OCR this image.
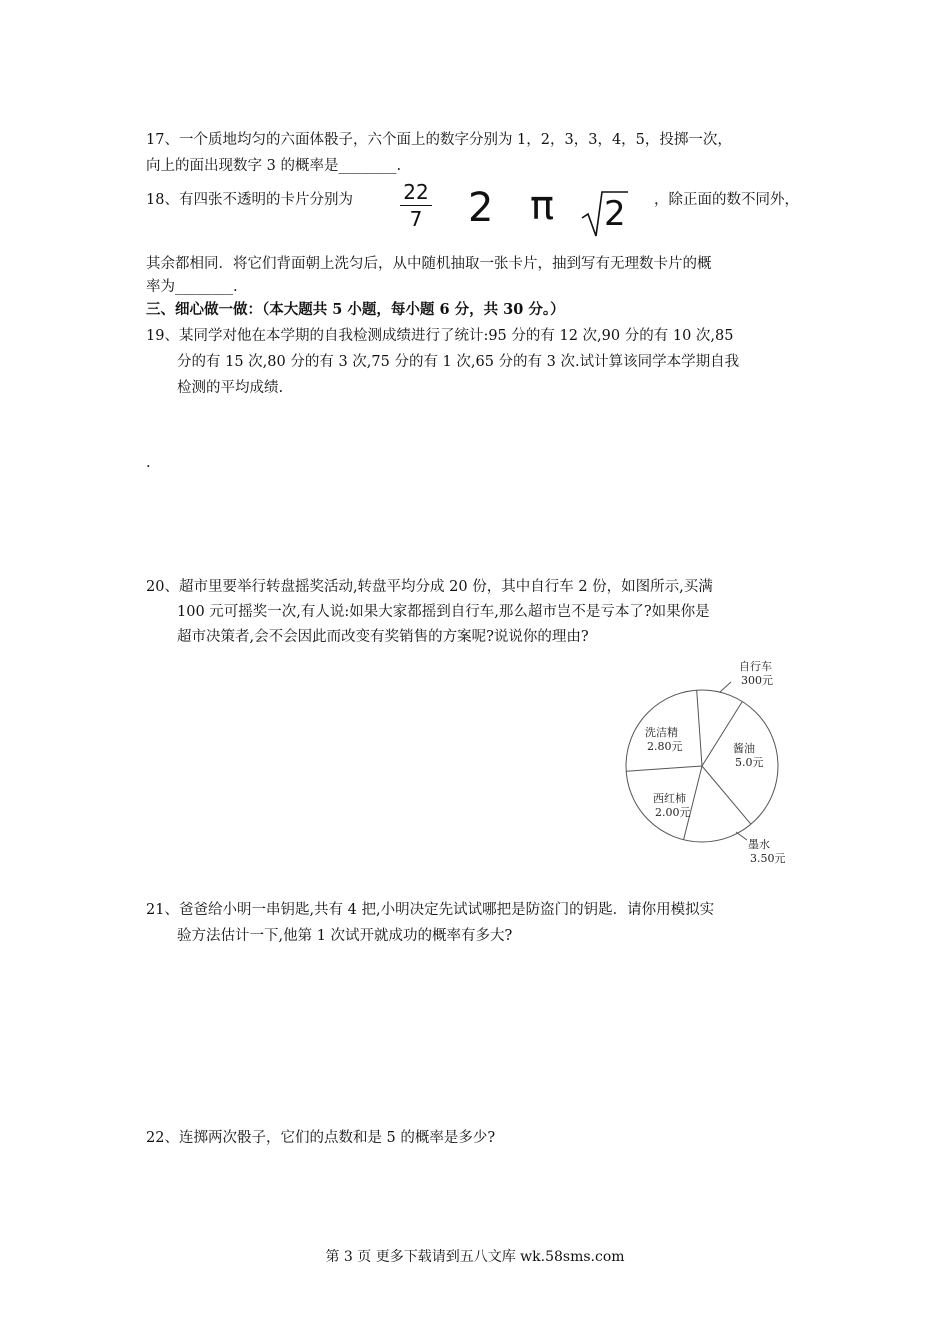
17、一个质地均匀的六面体骰子，六个面上的数字分别为 1，2，3，3，4，5，投掷一次，
向上的面出现数字 3 的概率是________.
18、有四张不透明的卡片分别为	22
7	2 π 2 ，除正面的数不同外，
其余都相同．将它们背面朝上洗匀后，从中随机抽取一张卡片，抽到写有无理数卡片的概
率为________.
三、细心做一做：（本大题共 5 小题，每小题 6 分，共 30 分。）
19、某同学对他在本学期的自我检测成绩进行了统计:95 分的有 12 次,90 分的有 10 次,85
分的有 15 次,80 分的有 3 次,75 分的有 1 次,65 分的有 3 次.试计算该同学本学期自我
检测的平均成绩.
.
20、超市里要举行转盘摇奖活动,转盘平均分成 20 份，其中自行车 2 份，如图所示,买满
100 元可摇奖一次,有人说:如果大家都摇到自行车,那么超市岂不是亏本了?如果你是
超市决策者,会不会因此而改变有奖销售的方案呢?说说你的理由?
自行车
300元
酱油
5.0元
墨水
3.50元
西红柿
2.00元
洗洁精
2.80元
21、爸爸给小明一串钥匙,共有 4 把,小明决定先试试哪把是防盗门的钥匙．请你用模拟实
验方法估计一下,他第 1 次试开就成功的概率有多大?
22、连掷两次骰子，它们的点数和是 5 的概率是多少?
第 3 页 更多下载请到五八文库 wk.58sms.com
